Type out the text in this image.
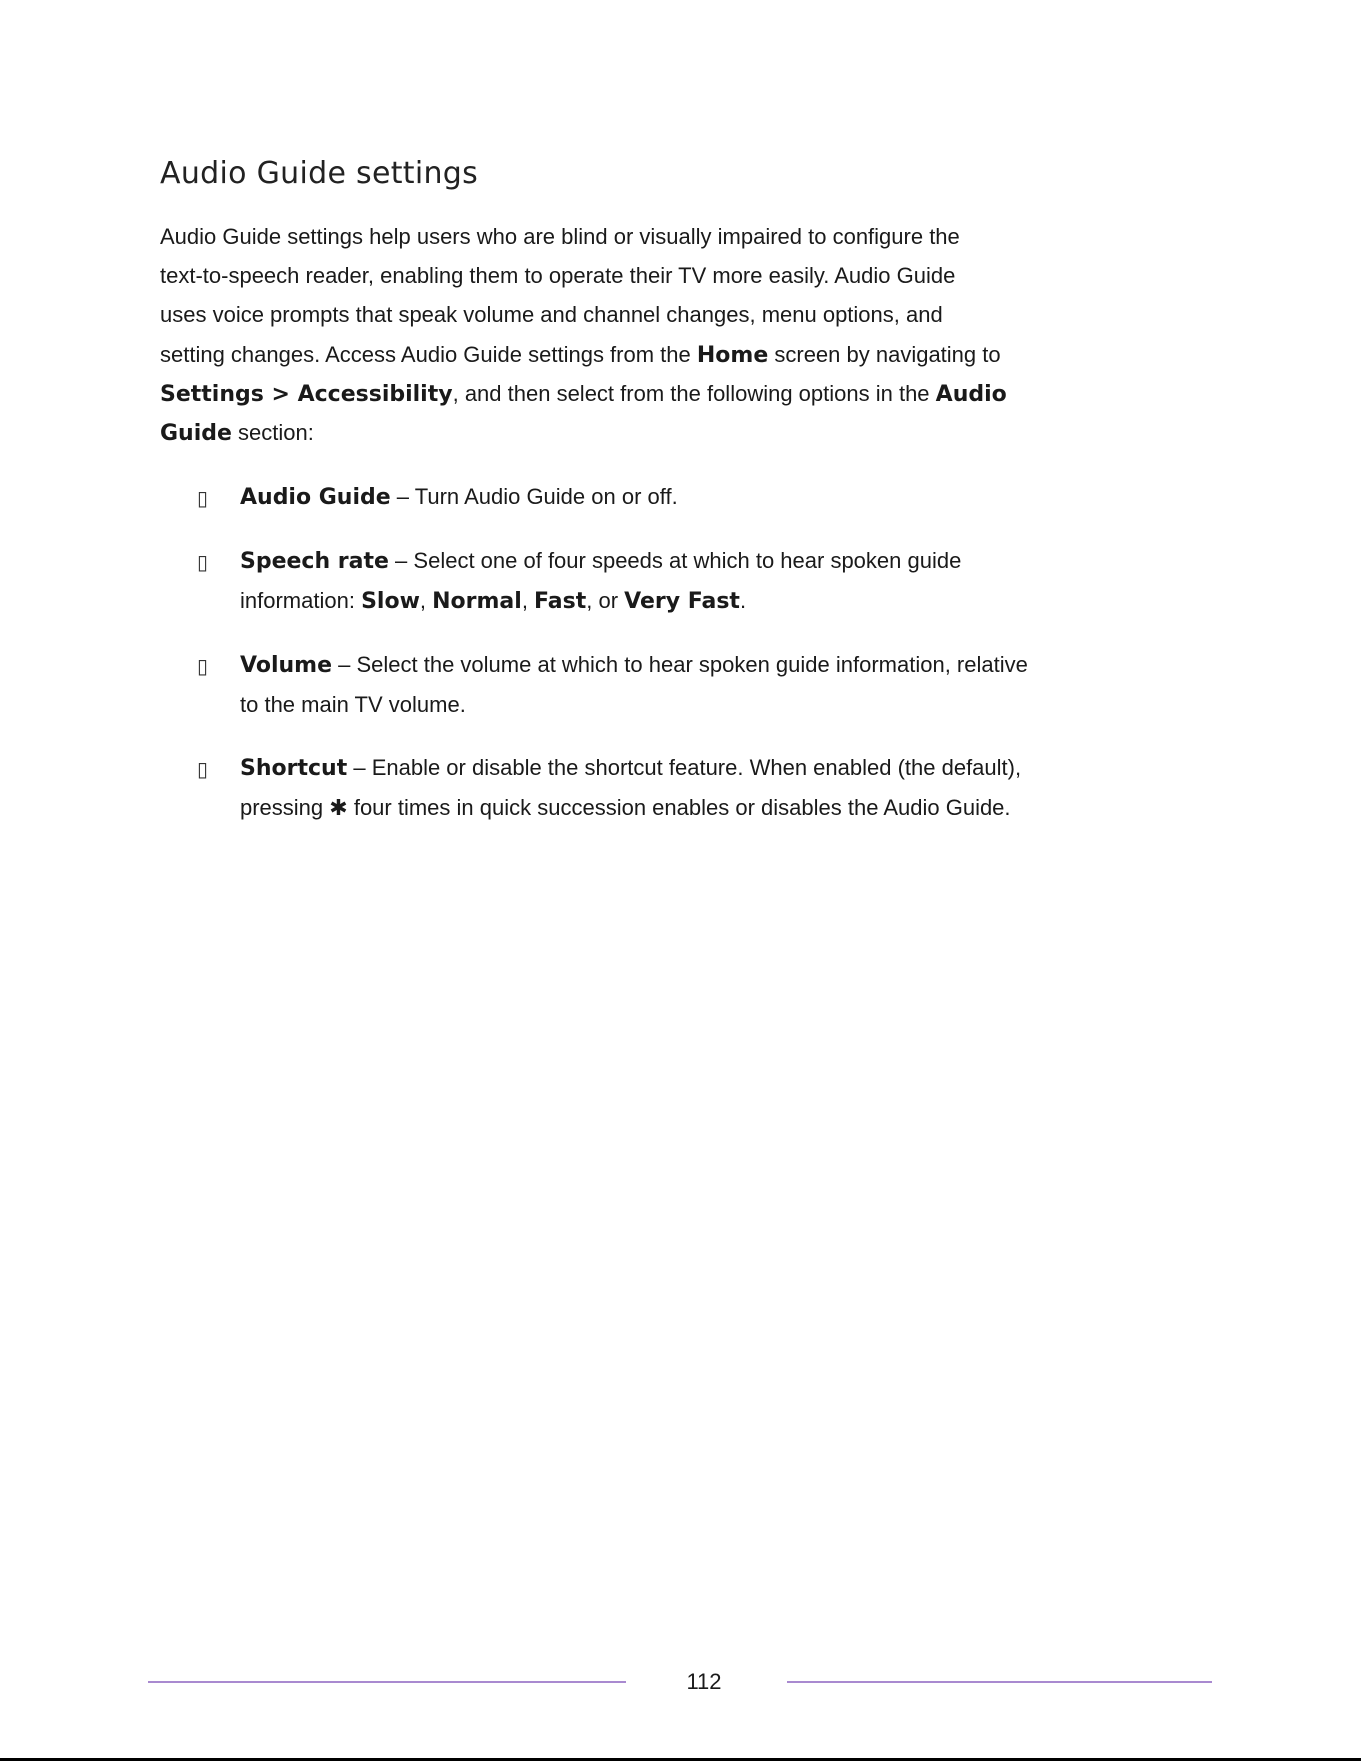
Audio Guide settings

Audio Guide settings help users who are blind or visually impaired to configure the

text-to-speech reader, enabling them to operate their TV more easily. Audio Guide

uses voice prompts that speak volume and channel changes, menu options, and

setting changes. Access Audio Guide settings from the Home screen by navigating to

Settings > Accessibility, and then select from the following options in the Audio

Guide section:

▯ Audio Guide – Turn Audio Guide on or off.

▯ Speech rate – Select one of four speeds at which to hear spoken guide

information: Slow, Normal, Fast, or Very Fast.

▯ Volume – Select the volume at which to hear spoken guide information, relative

to the main TV volume.

▯ Shortcut – Enable or disable the shortcut feature. When enabled (the default),

pressing ✱ four times in quick succession enables or disables the Audio Guide.

112
